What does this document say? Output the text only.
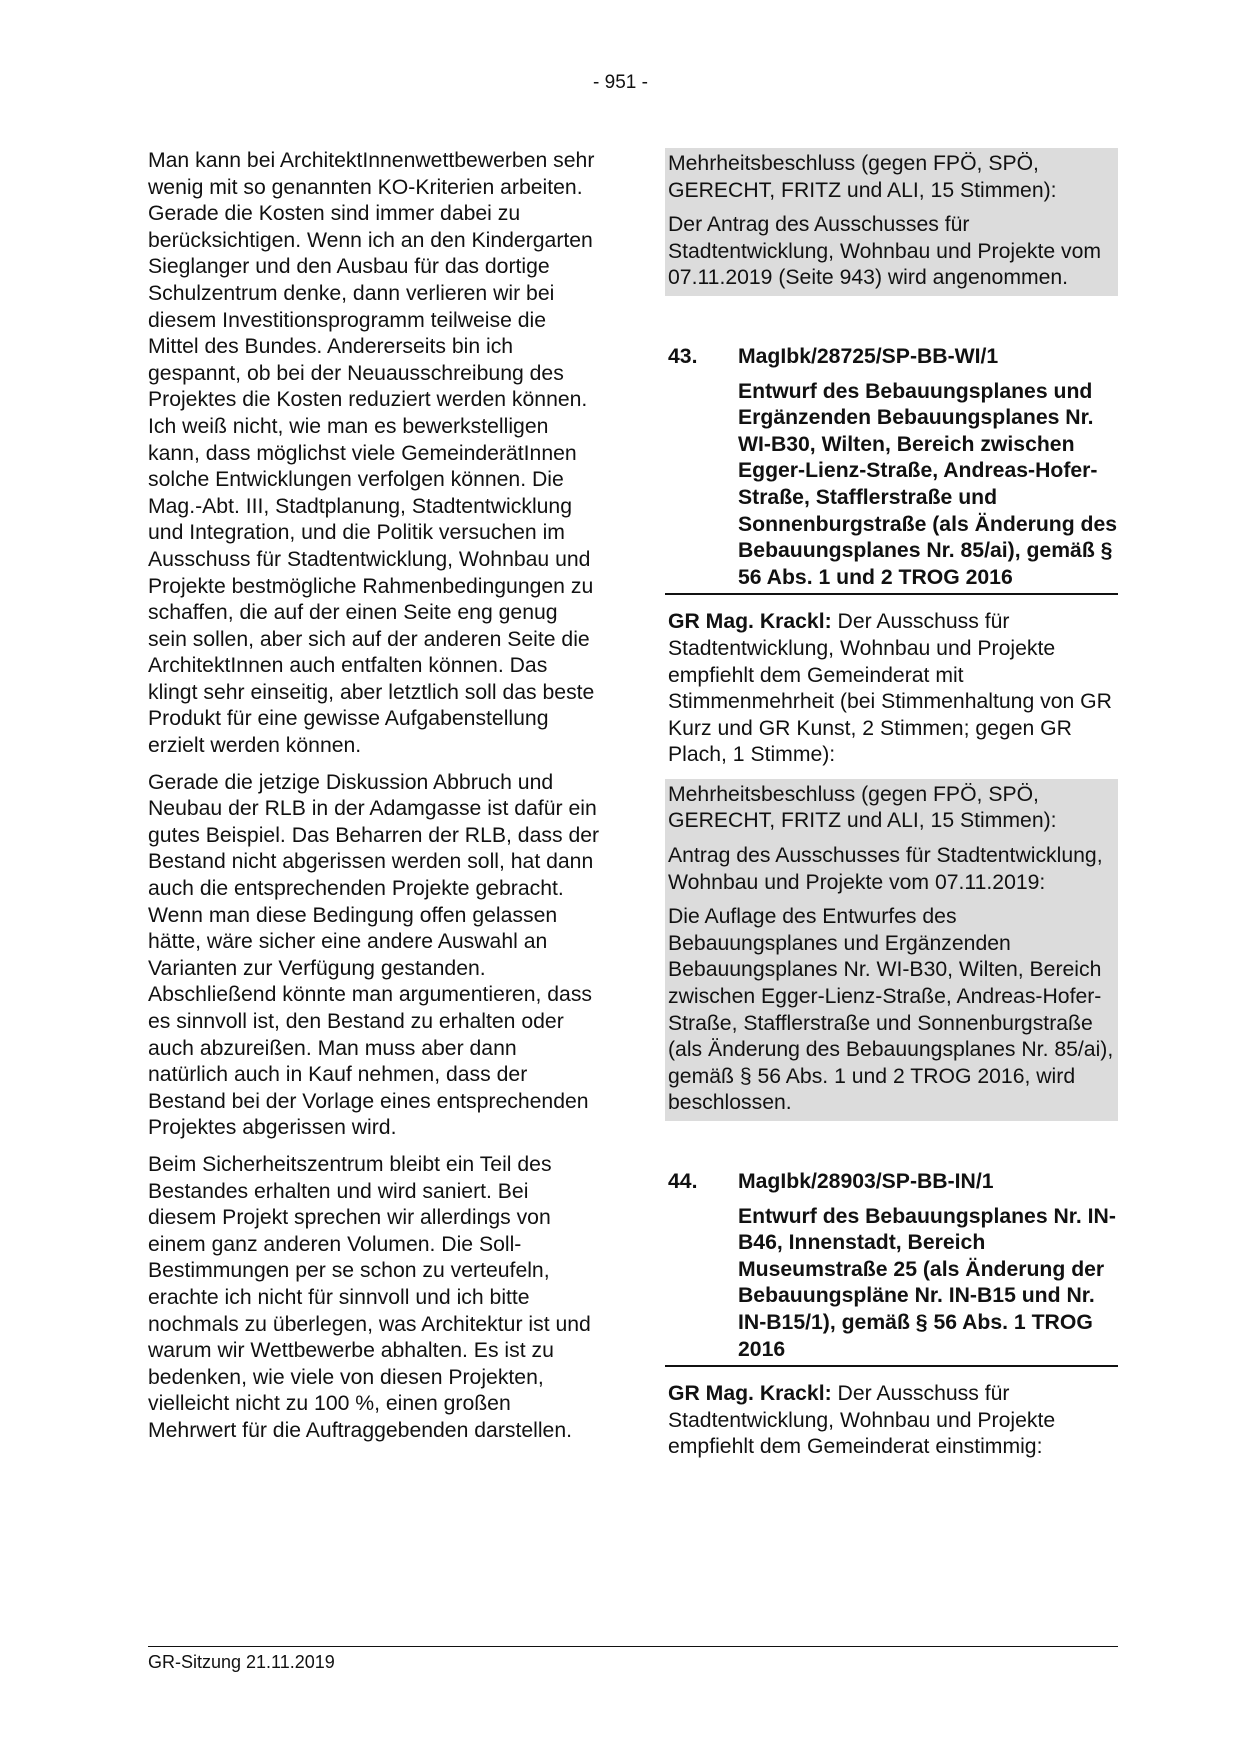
- 951 -

Man kann bei ArchitektInnenwettbewerben sehr wenig mit so genannten KO-Kriterien arbeiten. Gerade die Kosten sind immer dabei zu berücksichtigen. Wenn ich an den Kindergarten Sieglanger und den Ausbau für das dortige Schulzentrum denke, dann verlieren wir bei diesem Investitionsprogramm teilweise die Mittel des Bundes. Andererseits bin ich gespannt, ob bei der Neuausschreibung des Projektes die Kosten reduziert werden können. Ich weiß nicht, wie man es bewerkstelligen kann, dass möglichst viele GemeinderätInnen solche Entwicklungen verfolgen können. Die Mag.-Abt. III, Stadtplanung, Stadtentwicklung und Integration, und die Politik versuchen im Ausschuss für Stadtentwicklung, Wohnbau und Projekte bestmögliche Rahmenbedingungen zu schaffen, die auf der einen Seite eng genug sein sollen, aber sich auf der anderen Seite die ArchitektInnen auch entfalten können. Das klingt sehr einseitig, aber letztlich soll das beste Produkt für eine gewisse Aufgabenstellung erzielt werden können.

Gerade die jetzige Diskussion Abbruch und Neubau der RLB in der Adamgasse ist dafür ein gutes Beispiel. Das Beharren der RLB, dass der Bestand nicht abgerissen werden soll, hat dann auch die entsprechenden Projekte gebracht. Wenn man diese Bedingung offen gelassen hätte, wäre sicher eine andere Auswahl an Varianten zur Verfügung gestanden. Abschließend könnte man argumentieren, dass es sinnvoll ist, den Bestand zu erhalten oder auch abzureißen. Man muss aber dann natürlich auch in Kauf nehmen, dass der Bestand bei der Vorlage eines entsprechenden Projektes abgerissen wird.

Beim Sicherheitszentrum bleibt ein Teil des Bestandes erhalten und wird saniert. Bei diesem Projekt sprechen wir allerdings von einem ganz anderen Volumen. Die Soll-Bestimmungen per se schon zu verteufeln, erachte ich nicht für sinnvoll und ich bitte nochmals zu überlegen, was Architektur ist und warum wir Wettbewerbe abhalten. Es ist zu bedenken, wie viele von diesen Projekten, vielleicht nicht zu 100 %, einen großen Mehrwert für die Auftraggebenden darstellen.

Mehrheitsbeschluss (gegen FPÖ, SPÖ, GERECHT, FRITZ und ALI, 15 Stimmen):

Der Antrag des Ausschusses für Stadtentwicklung, Wohnbau und Projekte vom 07.11.2019 (Seite 943) wird angenommen.

43.	MagIbk/28725/SP-BB-WI/1
Entwurf des Bebauungsplanes und Ergänzenden Bebauungsplanes Nr. WI-B30, Wilten, Bereich zwischen Egger-Lienz-Straße, Andreas-Hofer-Straße, Stafflerstraße und Sonnenburgstraße (als Änderung des Bebauungsplanes Nr. 85/ai), gemäß § 56 Abs. 1 und 2 TROG 2016

GR Mag. Krackl: Der Ausschuss für Stadtentwicklung, Wohnbau und Projekte empfiehlt dem Gemeinderat mit Stimmenmehrheit (bei Stimmenhaltung von GR Kurz und GR Kunst, 2 Stimmen; gegen GR Plach, 1 Stimme):

Mehrheitsbeschluss (gegen FPÖ, SPÖ, GERECHT, FRITZ und ALI, 15 Stimmen):

Antrag des Ausschusses für Stadtentwicklung, Wohnbau und Projekte vom 07.11.2019:

Die Auflage des Entwurfes des Bebauungsplanes und Ergänzenden Bebauungsplanes Nr. WI-B30, Wilten, Bereich zwischen Egger-Lienz-Straße, Andreas-Hofer-Straße, Stafflerstraße und Sonnenburgstraße (als Änderung des Bebauungsplanes Nr. 85/ai), gemäß § 56 Abs. 1 und 2 TROG 2016, wird beschlossen.

44.	MagIbk/28903/SP-BB-IN/1
Entwurf des Bebauungsplanes Nr. IN-B46, Innenstadt, Bereich Museumstraße 25 (als Änderung der Bebauungspläne Nr. IN-B15 und Nr. IN-B15/1), gemäß § 56 Abs. 1 TROG 2016

GR Mag. Krackl: Der Ausschuss für Stadtentwicklung, Wohnbau und Projekte empfiehlt dem Gemeinderat einstimmig:

GR-Sitzung 21.11.2019
